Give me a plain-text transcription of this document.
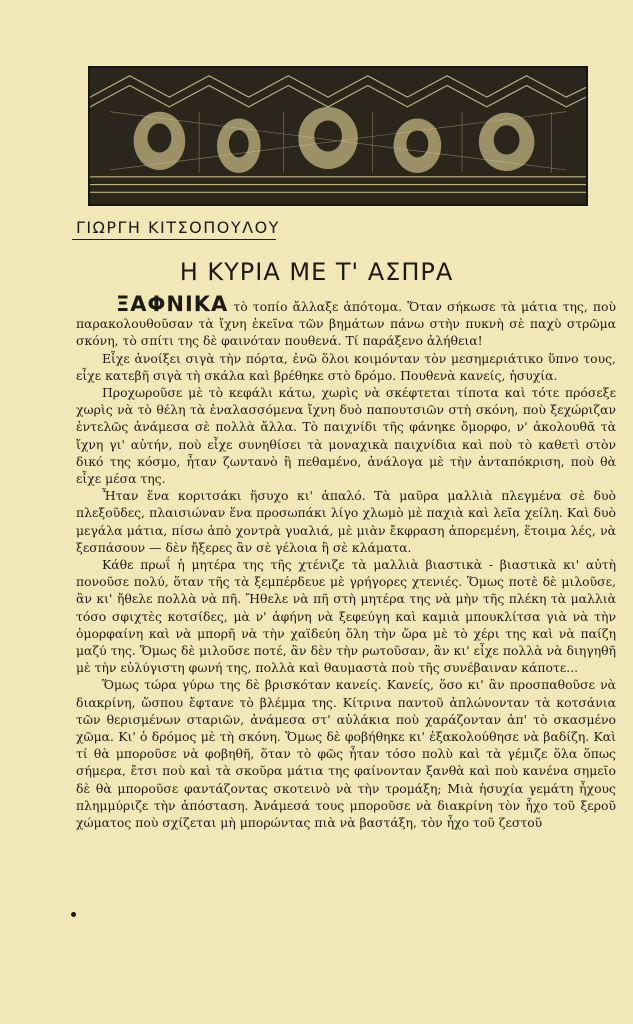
ΓΙΩΡΓΗ ΚΙΤΣΟΠΟΥΛΟΥ
Η ΚΥΡΙΑ ΜΕ Τ' ΑΣΠΡΑ

ΞΑΦΝΙΚΑ τὸ τοπίο ἄλλαξε ἀπότομα. Ὅταν σήκωσε τὰ μάτια της, ποὺ παρακολουθοῦσαν τὰ ἴχνη ἐκεῖνα τῶν βημάτων πάνω στὴν πυκνὴ σὲ παχὺ στρῶμα σκόνη, τὸ σπίτι της δὲ φαινόταν πουθενά. Τί παράξενο ἀλήθεια!

Εἶχε ἀνοίξει σιγὰ τὴν πόρτα, ἐνῶ ὅλοι κοιμόνταν τὸν μεσημεριάτικο ὕπνο τους, εἶχε κατεβῆ σιγὰ τὴ σκάλα καὶ βρέθηκε στὸ δρόμο. Πουθενὰ κανείς, ἡσυχία.

Προχωροῦσε μὲ τὸ κεφάλι κάτω, χωρὶς νὰ σκέφτεται τίποτα καὶ τότε πρόσεξε χωρὶς νὰ τὸ θέλη τὰ ἐναλασσόμενα ἴχνη δυὸ παπουτσιῶν στὴ σκόνη, ποὺ ξεχώριζαν ἐντελῶς ἀνάμεσα σὲ πολλὰ ἄλλα. Τὸ παιχνίδι τῆς φάνηκε ὄμορφο, ν' ἀκολουθᾶ τὰ ἴχνη γι' αὐτήν, ποὺ εἶχε συνηθίσει τὰ μοναχικὰ παιχνίδια καὶ ποὺ τὸ καθετὶ στὸν δικό της κόσμο, ἦταν ζωντανὸ ἢ πεθαμένο, ἀνάλογα μὲ τὴν ἀνταπόκριση, ποὺ θὰ εἶχε μέσα της.

Ἦταν ἕνα κοριτσάκι ἥσυχο κι' ἁπαλό. Τὰ μαῦρα μαλλιὰ πλεγμένα σὲ δυὸ πλεξοῦδες, πλαισιώναν ἕνα προσωπάκι λίγο χλωμὸ μὲ παχιὰ καὶ λεῖα χείλη. Καὶ δυὸ μεγάλα μάτια, πίσω ἀπὸ χοντρὰ γυαλιά, μὲ μιὰν ἔκφραση ἀπορεμένη, ἕτοιμα λές, νὰ ξεσπάσουν — δὲν ἤξερες ἂν σὲ γέλοια ἢ σὲ κλάματα.

Κάθε πρωΐ ἡ μητέρα της τῆς χτένιζε τὰ μαλλιὰ βιαστικὰ - βιαστικὰ κι' αὐτὴ πονοῦσε πολύ, ὅταν τῆς τὰ ξεμπέρδευε μὲ γρήγορες χτενιές. Ὅμως ποτὲ δὲ μιλοῦσε, ἂν κι' ἤθελε πολλὰ νὰ πῆ. Ἤθελε νὰ πῆ στὴ μητέρα της νὰ μὴν τῆς πλέκη τὰ μαλλιὰ τόσο σφιχτὲς κοτσίδες, μὰ ν' ἀφήνη νὰ ξεφεύγη καὶ καμιὰ μπουκλίτσα γιὰ νὰ τὴν ὀμορφαίνη καὶ νὰ μπορῆ νὰ τὴν χαϊδεύη ὅλη τὴν ὥρα μὲ τὸ χέρι της καὶ νὰ παίζη μαζύ της. Ὅμως δὲ μιλοῦσε ποτέ, ἂν δὲν τὴν ρωτοῦσαν, ἂν κι' εἶχε πολλὰ νὰ διηγηθῆ μὲ τὴν εὐλύγιστη φωνή της, πολλὰ καὶ θαυμαστὰ ποὺ τῆς συνέβαιναν κάποτε...

Ὅμως τώρα γύρω της δὲ βρισκόταν κανείς. Κανείς, ὅσο κι' ἂν προσπαθοῦσε νὰ διακρίνη, ὥσπου ἔφτανε τὸ βλέμμα της. Κίτρινα παντοῦ ἁπλώνονταν τὰ κοτσάνια τῶν θερισμένων σταριῶν, ἀνάμεσα στ' αὐλάκια ποὺ χαράζονταν ἀπ' τὸ σκασμένο χῶμα. Κι' ὁ δρόμος μὲ τὴ σκόνη. Ὅμως δὲ φοβήθηκε κι' ἐξακολούθησε νὰ βαδίζη. Καὶ τί θὰ μποροῦσε νὰ φοβηθῆ, ὅταν τὸ φῶς ἦταν τόσο πολὺ καὶ τὰ γέμιζε ὅλα ὅπως σήμερα, ἔτσι ποὺ καὶ τὰ σκοῦρα μάτια της φαίνονταν ξανθὰ καὶ ποὺ κανένα σημεῖο δὲ θὰ μποροῦσε φαντάζοντας σκοτεινὸ νὰ τὴν τρομάξη; Μιὰ ἡσυχία γεμάτη ἦχους πλημμύριζε τὴν ἀπόσταση. Ἀνάμεσά τους μποροῦσε νὰ διακρίνη τὸν ἦχο τοῦ ξεροῦ χώματος ποὺ σχίζεται μὴ μπορώντας πιὰ νὰ βαστάξη, τὸν ἦχο τοῦ ζεστοῦ
